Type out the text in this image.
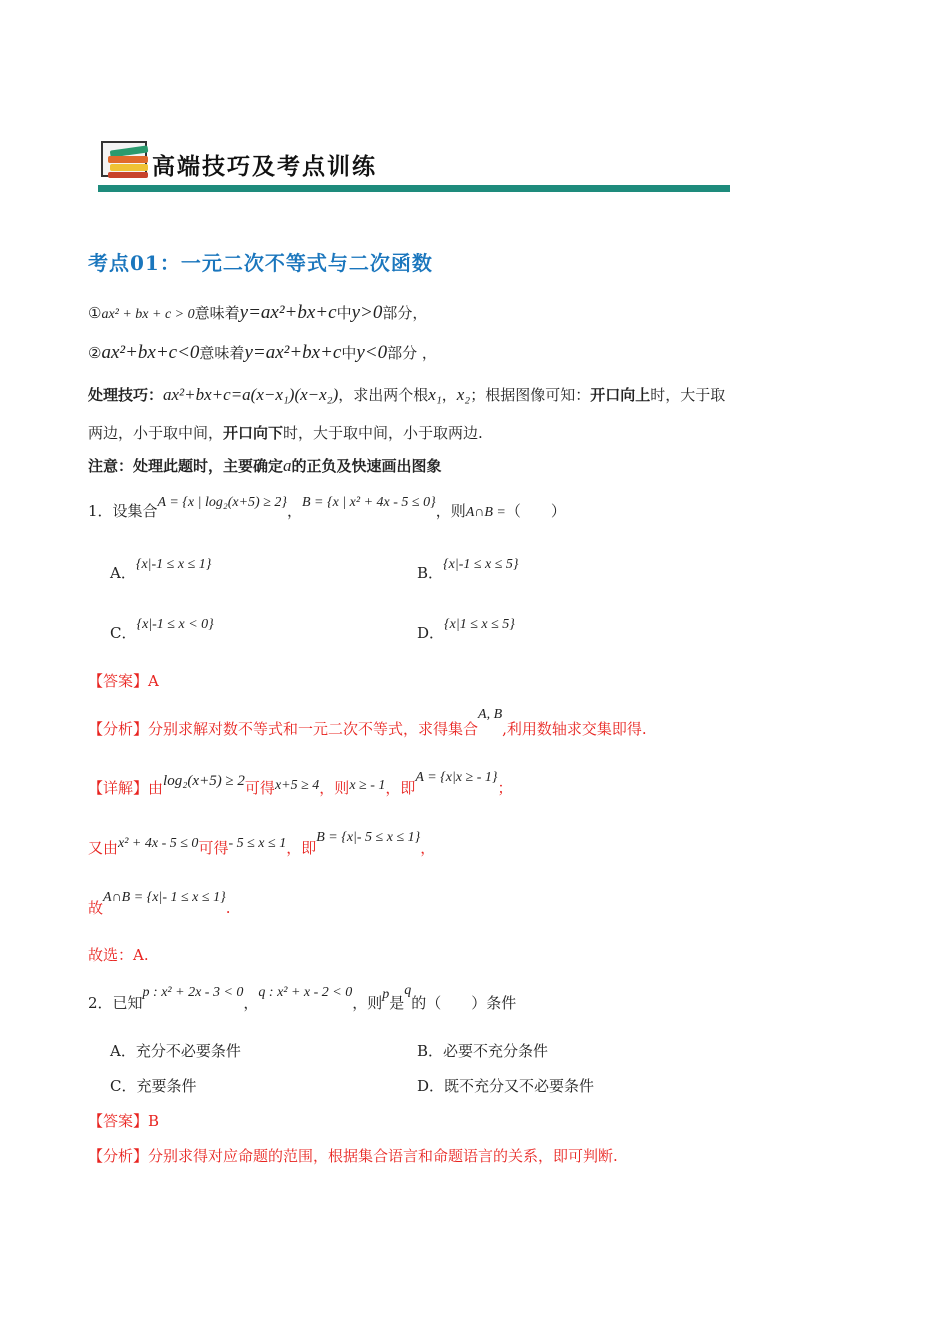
高端技巧及考点训练
考点01：一元二次不等式与二次函数
①ax² + bx + c > 0意味着y=ax²+bx+c中y>0部分，
②ax²+bx+c<0意味着y=ax²+bx+c中y<0部分 ，
处理技巧：ax²+bx+c=a(x−x₁)(x−x₂)，求出两个根x₁，x₂；根据图像可知：开口向上时，大于取
两边，小于取中间，开口向下时，大于取中间，小于取两边.
注意：处理此题时，主要确定a的正负及快速画出图象
1．设集合A = {x | log₂(x+5) ≥ 2}，B = {x | x² + 4x - 5 ≤ 0}，则A∩B =（　　）
A．{x|-1 ≤ x ≤ 1}	B．{x|-1 ≤ x ≤ 5}
C．{x|-1 ≤ x < 0}	D．{x|1 ≤ x ≤ 5}
【答案】A
【分析】分别求解对数不等式和一元二次不等式，求得集合A, B,利用数轴求交集即得.
【详解】由log₂(x+5) ≥ 2可得x+5 ≥ 4，则x ≥ - 1，即A = {x|x ≥ - 1}；
又由x² + 4x - 5 ≤ 0可得- 5 ≤ x ≤ 1，即B = {x|- 5 ≤ x ≤ 1}，
故A∩B = {x|- 1 ≤ x ≤ 1}.
故选：A.
2．已知p : x² + 2x - 3 < 0，q : x² + x - 2 < 0，则p是q的（　　）条件
A．充分不必要条件	B．必要不充分条件
C．充要条件	D．既不充分又不必要条件
【答案】B
【分析】分别求得对应命题的范围，根据集合语言和命题语言的关系，即可判断.
